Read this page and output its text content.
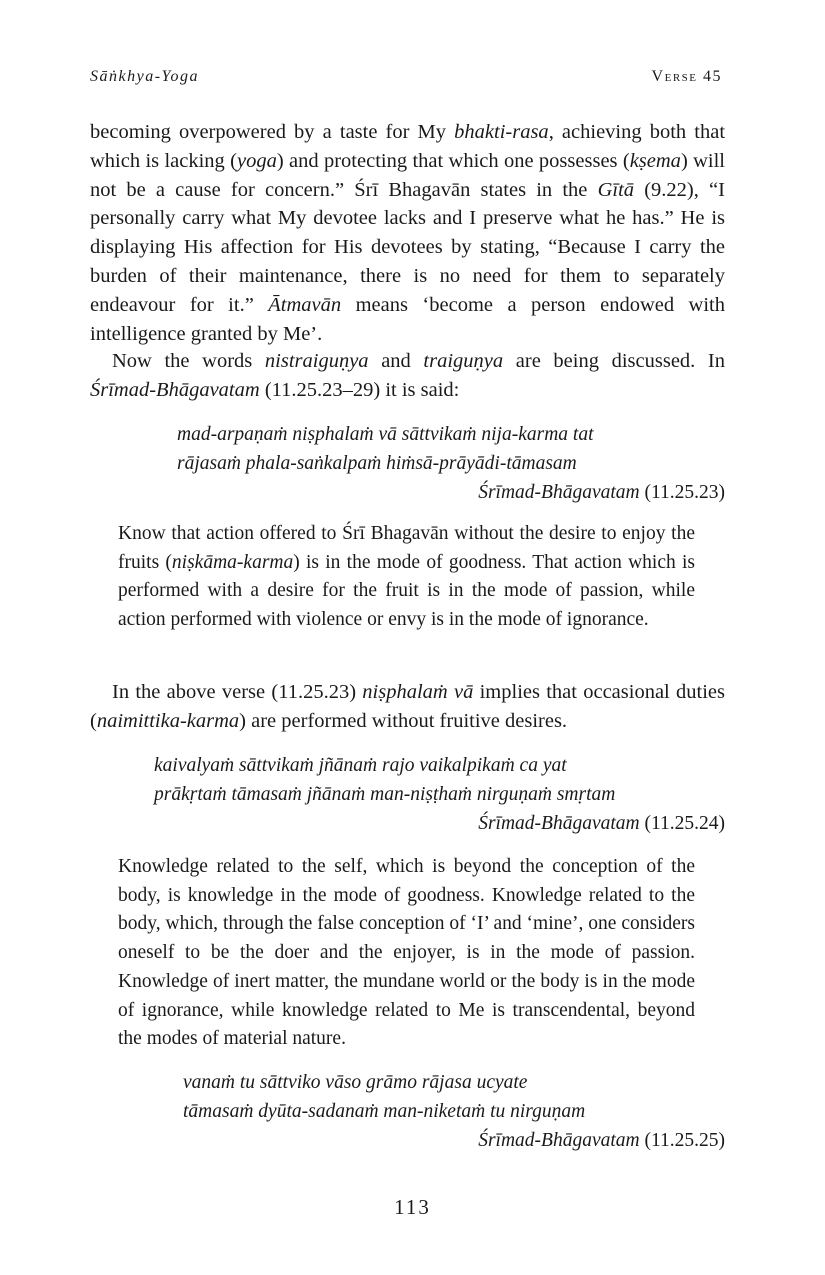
Sāṅkhya-Yoga	Verse 45
becoming overpowered by a taste for My bhakti-rasa, achieving both that which is lacking (yoga) and protecting that which one possesses (kṣema) will not be a cause for concern.” Śrī Bhagavān states in the Gītā (9.22), “I personally carry what My devotee lacks and I preserve what he has.” He is displaying His affection for His devotees by stating, “Because I carry the burden of their maintenance, there is no need for them to separately endeavour for it.” Ātmavān means ‘become a person endowed with intelligence granted by Me’.
Now the words nistraiguṇya and traiguṇya are being discussed. In Śrīmad-Bhāgavatam (11.25.23–29) it is said:
mad-arpaṇaṁ niṣphalaṁ vā sāttvikaṁ nija-karma tat
rājasaṁ phala-saṅkalpaṁ hiṁsā-prāyādi-tāmasam
Śrīmad-Bhāgavatam (11.25.23)
Know that action offered to Śrī Bhagavān without the desire to enjoy the fruits (niṣkāma-karma) is in the mode of goodness. That action which is performed with a desire for the fruit is in the mode of passion, while action performed with violence or envy is in the mode of ignorance.
In the above verse (11.25.23) niṣphalaṁ vā implies that occasional duties (naimittika-karma) are performed without fruitive desires.
kaivalyaṁ sāttvikaṁ jñānaṁ rajo vaikalpikaṁ ca yat
prākṛtaṁ tāmasaṁ jñānaṁ man-niṣṭhaṁ nirguṇaṁ smṛtam
Śrīmad-Bhāgavatam (11.25.24)
Knowledge related to the self, which is beyond the conception of the body, is knowledge in the mode of goodness. Knowledge related to the body, which, through the false conception of ‘I’ and ‘mine’, one considers oneself to be the doer and the enjoyer, is in the mode of passion. Knowledge of inert matter, the mundane world or the body is in the mode of ignorance, while knowledge related to Me is transcendental, beyond the modes of material nature.
vanaṁ tu sāttviko vāso grāmo rājasa ucyate
tāmasaṁ dyūta-sadanaṁ man-niketaṁ tu nirguṇam
Śrīmad-Bhāgavatam (11.25.25)
113
